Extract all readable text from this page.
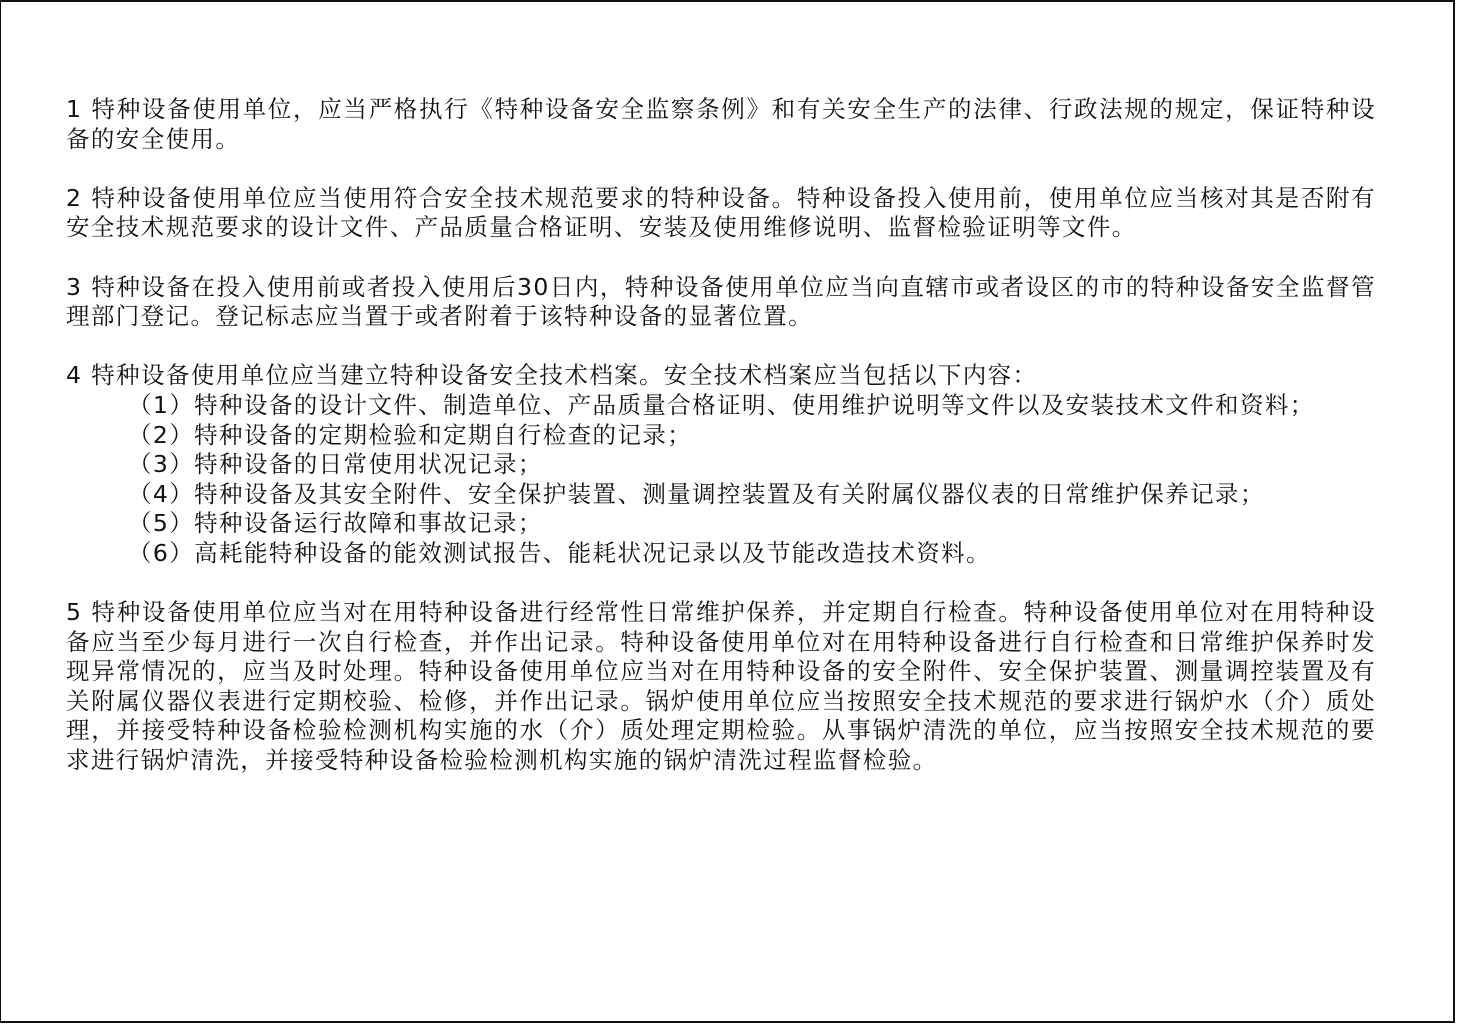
1 特种设备使用单位，应当严格执行《特种设备安全监察条例》和有关安全生产的法律、行政法规的规定，保证特种设备的安全使用。

2 特种设备使用单位应当使用符合安全技术规范要求的特种设备。特种设备投入使用前，使用单位应当核对其是否附有安全技术规范要求的设计文件、产品质量合格证明、安装及使用维修说明、监督检验证明等文件。

3 特种设备在投入使用前或者投入使用后30日内，特种设备使用单位应当向直辖市或者设区的市的特种设备安全监督管理部门登记。登记标志应当置于或者附着于该特种设备的显著位置。

4 特种设备使用单位应当建立特种设备安全技术档案。安全技术档案应当包括以下内容：

（1）特种设备的设计文件、制造单位、产品质量合格证明、使用维护说明等文件以及安装技术文件和资料；

（2）特种设备的定期检验和定期自行检查的记录；

（3）特种设备的日常使用状况记录；

（4）特种设备及其安全附件、安全保护装置、测量调控装置及有关附属仪器仪表的日常维护保养记录；

（5）特种设备运行故障和事故记录；

（6）高耗能特种设备的能效测试报告、能耗状况记录以及节能改造技术资料。

5 特种设备使用单位应当对在用特种设备进行经常性日常维护保养，并定期自行检查。特种设备使用单位对在用特种设备应当至少每月进行一次自行检查，并作出记录。特种设备使用单位对在用特种设备进行自行检查和日常维护保养时发现异常情况的，应当及时处理。特种设备使用单位应当对在用特种设备的安全附件、安全保护装置、测量调控装置及有关附属仪器仪表进行定期校验、检修，并作出记录。锅炉使用单位应当按照安全技术规范的要求进行锅炉水（介）质处理，并接受特种设备检验检测机构实施的水（介）质处理定期检验。从事锅炉清洗的单位，应当按照安全技术规范的要求进行锅炉清洗，并接受特种设备检验检测机构实施的锅炉清洗过程监督检验。
